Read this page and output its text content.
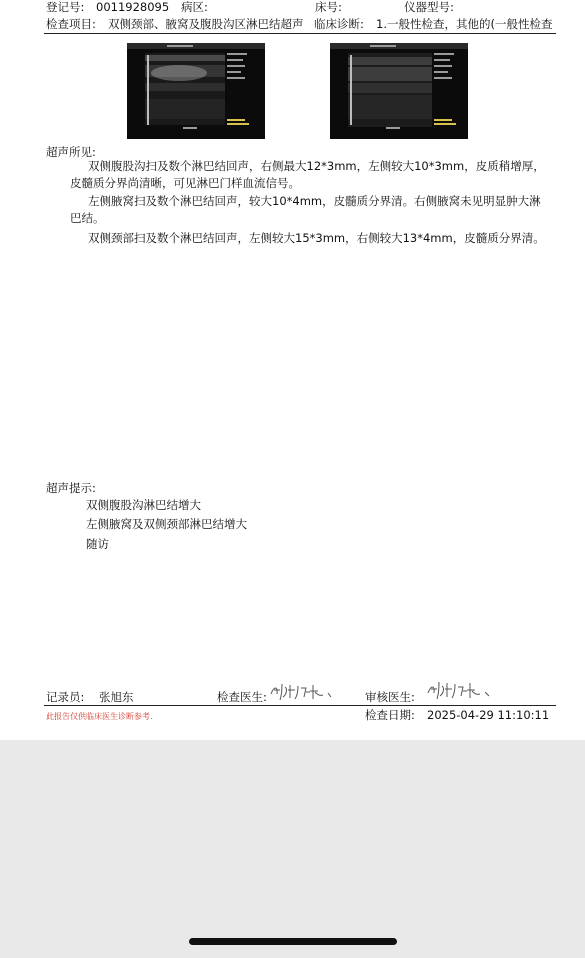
登记号: 0011928095 病区:	床号:	仪器型号:
检查项目: 双侧颈部、腋窝及腹股沟区淋巴结超声 临床诊断: 1.一般性检查，其他的(一般性检查
超声所见:

双侧腹股沟扫及数个淋巴结回声，右侧最大12*3mm，左侧较大10*3mm，皮质稍增厚，皮髓质分界尚清晰，可见淋巴门样血流信号。

左侧腋窝扫及数个淋巴结回声，较大10*4mm，皮髓质分界清。右侧腋窝未见明显肿大淋巴结。

双侧颈部扫及数个淋巴结回声，左侧较大15*3mm，右侧较大13*4mm，皮髓质分界清。

超声提示:
双侧腹股沟淋巴结增大
左侧腋窝及双侧颈部淋巴结增大
随访
记录员: 张旭东	检查医生:	审核医生:
此报告仅供临床医生诊断参考.	检查日期: 2025-04-29 11:10:11
